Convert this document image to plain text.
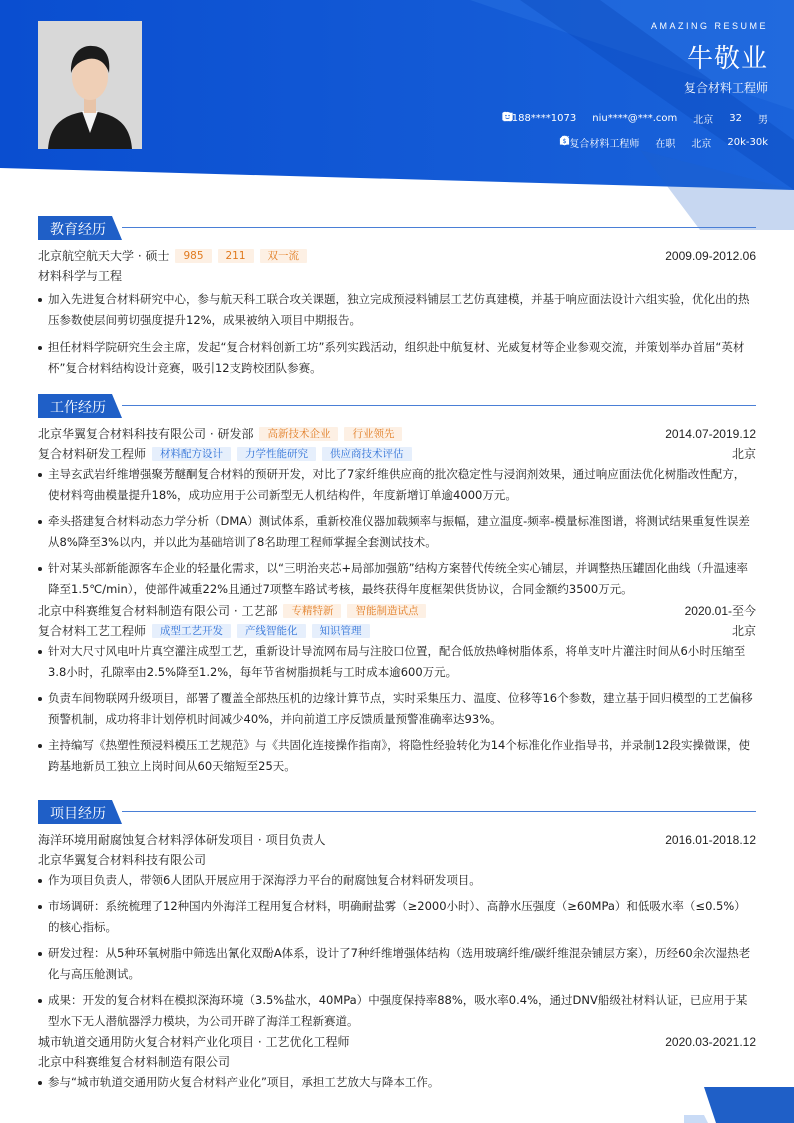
AMAZING RESUME
牛敬业
复合材料工程师
188****1073 niu****@***.com 北京 32 男
复合材料工程师 在职 北京
$	20k-30k
教育经历
北京航空航天大学 · 硕士	985	211	双一流	2009.09-2012.06
材料科学与工程
加入先进复合材料研究中心，参与航天科工联合攻关课题，独立完成预浸料铺层工艺仿真建模，并基于响应面法设计六组实验，优化出的热压参数使层间剪切强度提升12%，成果被纳入项目中期报告。
担任材料学院研究生会主席，发起“复合材料创新工坊”系列实践活动，组织赴中航复材、光威复材等企业参观交流，并策划举办首届“英材杯”复合材料结构设计竞赛，吸引12支跨校团队参赛。
工作经历
北京华翼复合材料科技有限公司 · 研发部	高新技术企业	行业领先	2014.07-2019.12
复合材料研发工程师	材料配方设计	力学性能研究	供应商技术评估	北京
主导玄武岩纤维增强聚芳醚酮复合材料的预研开发，对比了7家纤维供应商的批次稳定性与浸润剂效果，通过响应面法优化树脂改性配方，使材料弯曲模量提升18%，成功应用于公司新型无人机结构件，年度新增订单逾4000万元。
牵头搭建复合材料动态力学分析（DMA）测试体系，重新校准仪器加载频率与振幅，建立温度-频率-模量标准图谱，将测试结果重复性误差从8%降至3%以内，并以此为基础培训了8名助理工程师掌握全套测试技术。
针对某头部新能源客车企业的轻量化需求，以“三明治夹芯+局部加强筋”结构方案替代传统全实心铺层，并调整热压罐固化曲线（升温速率降至1.5℃/min），使部件减重22%且通过7项整车路试考核，最终获得年度框架供货协议，合同金额约3500万元。
北京中科赛维复合材料制造有限公司 · 工艺部	专精特新	智能制造试点	2020.01-至今
复合材料工艺工程师	成型工艺开发	产线智能化	知识管理	北京
针对大尺寸风电叶片真空灌注成型工艺，重新设计导流网布局与注胶口位置，配合低放热峰树脂体系，将单支叶片灌注时间从6小时压缩至3.8小时，孔隙率由2.5%降至1.2%，每年节省树脂损耗与工时成本逾600万元。
负责车间物联网升级项目，部署了覆盖全部热压机的边缘计算节点，实时采集压力、温度、位移等16个参数，建立基于回归模型的工艺偏移预警机制，成功将非计划停机时间减少40%，并向前道工序反馈质量预警准确率达93%。
主持编写《热塑性预浸料模压工艺规范》与《共固化连接操作指南》，将隐性经验转化为14个标准化作业指导书，并录制12段实操微课，使跨基地新员工独立上岗时间从60天缩短至25天。
项目经历
海洋环境用耐腐蚀复合材料浮体研发项目 · 项目负责人	2016.01-2018.12
北京华翼复合材料科技有限公司
作为项目负责人，带领6人团队开展应用于深海浮力平台的耐腐蚀复合材料研发项目。
市场调研：系统梳理了12种国内外海洋工程用复合材料，明确耐盐雾（≥2000小时）、高静水压强度（≥60MPa）和低吸水率（≤0.5%）的核心指标。
研发过程：从5种环氧树脂中筛选出氰化双酚A体系，设计了7种纤维增强体结构（选用玻璃纤维/碳纤维混杂铺层方案），历经60余次湿热老化与高压舱测试。
成果：开发的复合材料在模拟深海环境（3.5%盐水，40MPa）中强度保持率88%，吸水率0.4%，通过DNV船级社材料认证，已应用于某型水下无人潜航器浮力模块，为公司开辟了海洋工程新赛道。
城市轨道交通用防火复合材料产业化项目 · 工艺优化工程师	2020.03-2021.12
北京中科赛维复合材料制造有限公司
参与“城市轨道交通用防火复合材料产业化”项目，承担工艺放大与降本工作。
